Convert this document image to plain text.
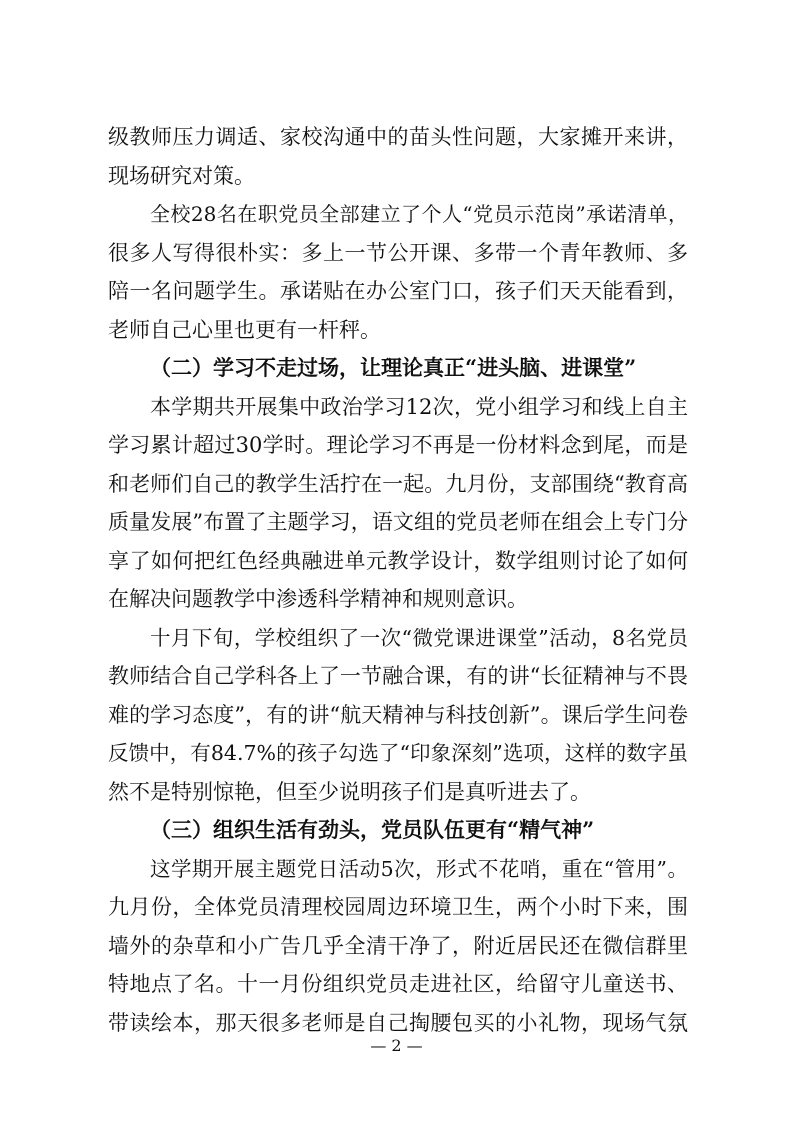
级教师压力调适、家校沟通中的苗头性问题，大家摊开来讲，

现场研究对策。

全校28名在职党员全部建立了个人“党员示范岗”承诺清单，

很多人写得很朴实：多上一节公开课、多带一个青年教师、多

陪一名问题学生。承诺贴在办公室门口，孩子们天天能看到，

老师自己心里也更有一杆秤。

（二）学习不走过场，让理论真正“进头脑、进课堂”

本学期共开展集中政治学习12次，党小组学习和线上自主

学习累计超过30学时。理论学习不再是一份材料念到尾，而是

和老师们自己的教学生活拧在一起。九月份，支部围绕“教育高

质量发展”布置了主题学习，语文组的党员老师在组会上专门分

享了如何把红色经典融进单元教学设计，数学组则讨论了如何

在解决问题教学中渗透科学精神和规则意识。

十月下旬，学校组织了一次“微党课进课堂”活动，8名党员

教师结合自己学科各上了一节融合课，有的讲“长征精神与不畏

难的学习态度”，有的讲“航天精神与科技创新”。课后学生问卷

反馈中，有84.7%的孩子勾选了“印象深刻”选项，这样的数字虽

然不是特别惊艳，但至少说明孩子们是真听进去了。

（三）组织生活有劲头，党员队伍更有“精气神”

这学期开展主题党日活动5次，形式不花哨，重在“管用”。

九月份，全体党员清理校园周边环境卫生，两个小时下来，围

墙外的杂草和小广告几乎全清干净了，附近居民还在微信群里

特地点了名。十一月份组织党员走进社区，给留守儿童送书、

带读绘本，那天很多老师是自己掏腰包买的小礼物，现场气氛

— 2 —
